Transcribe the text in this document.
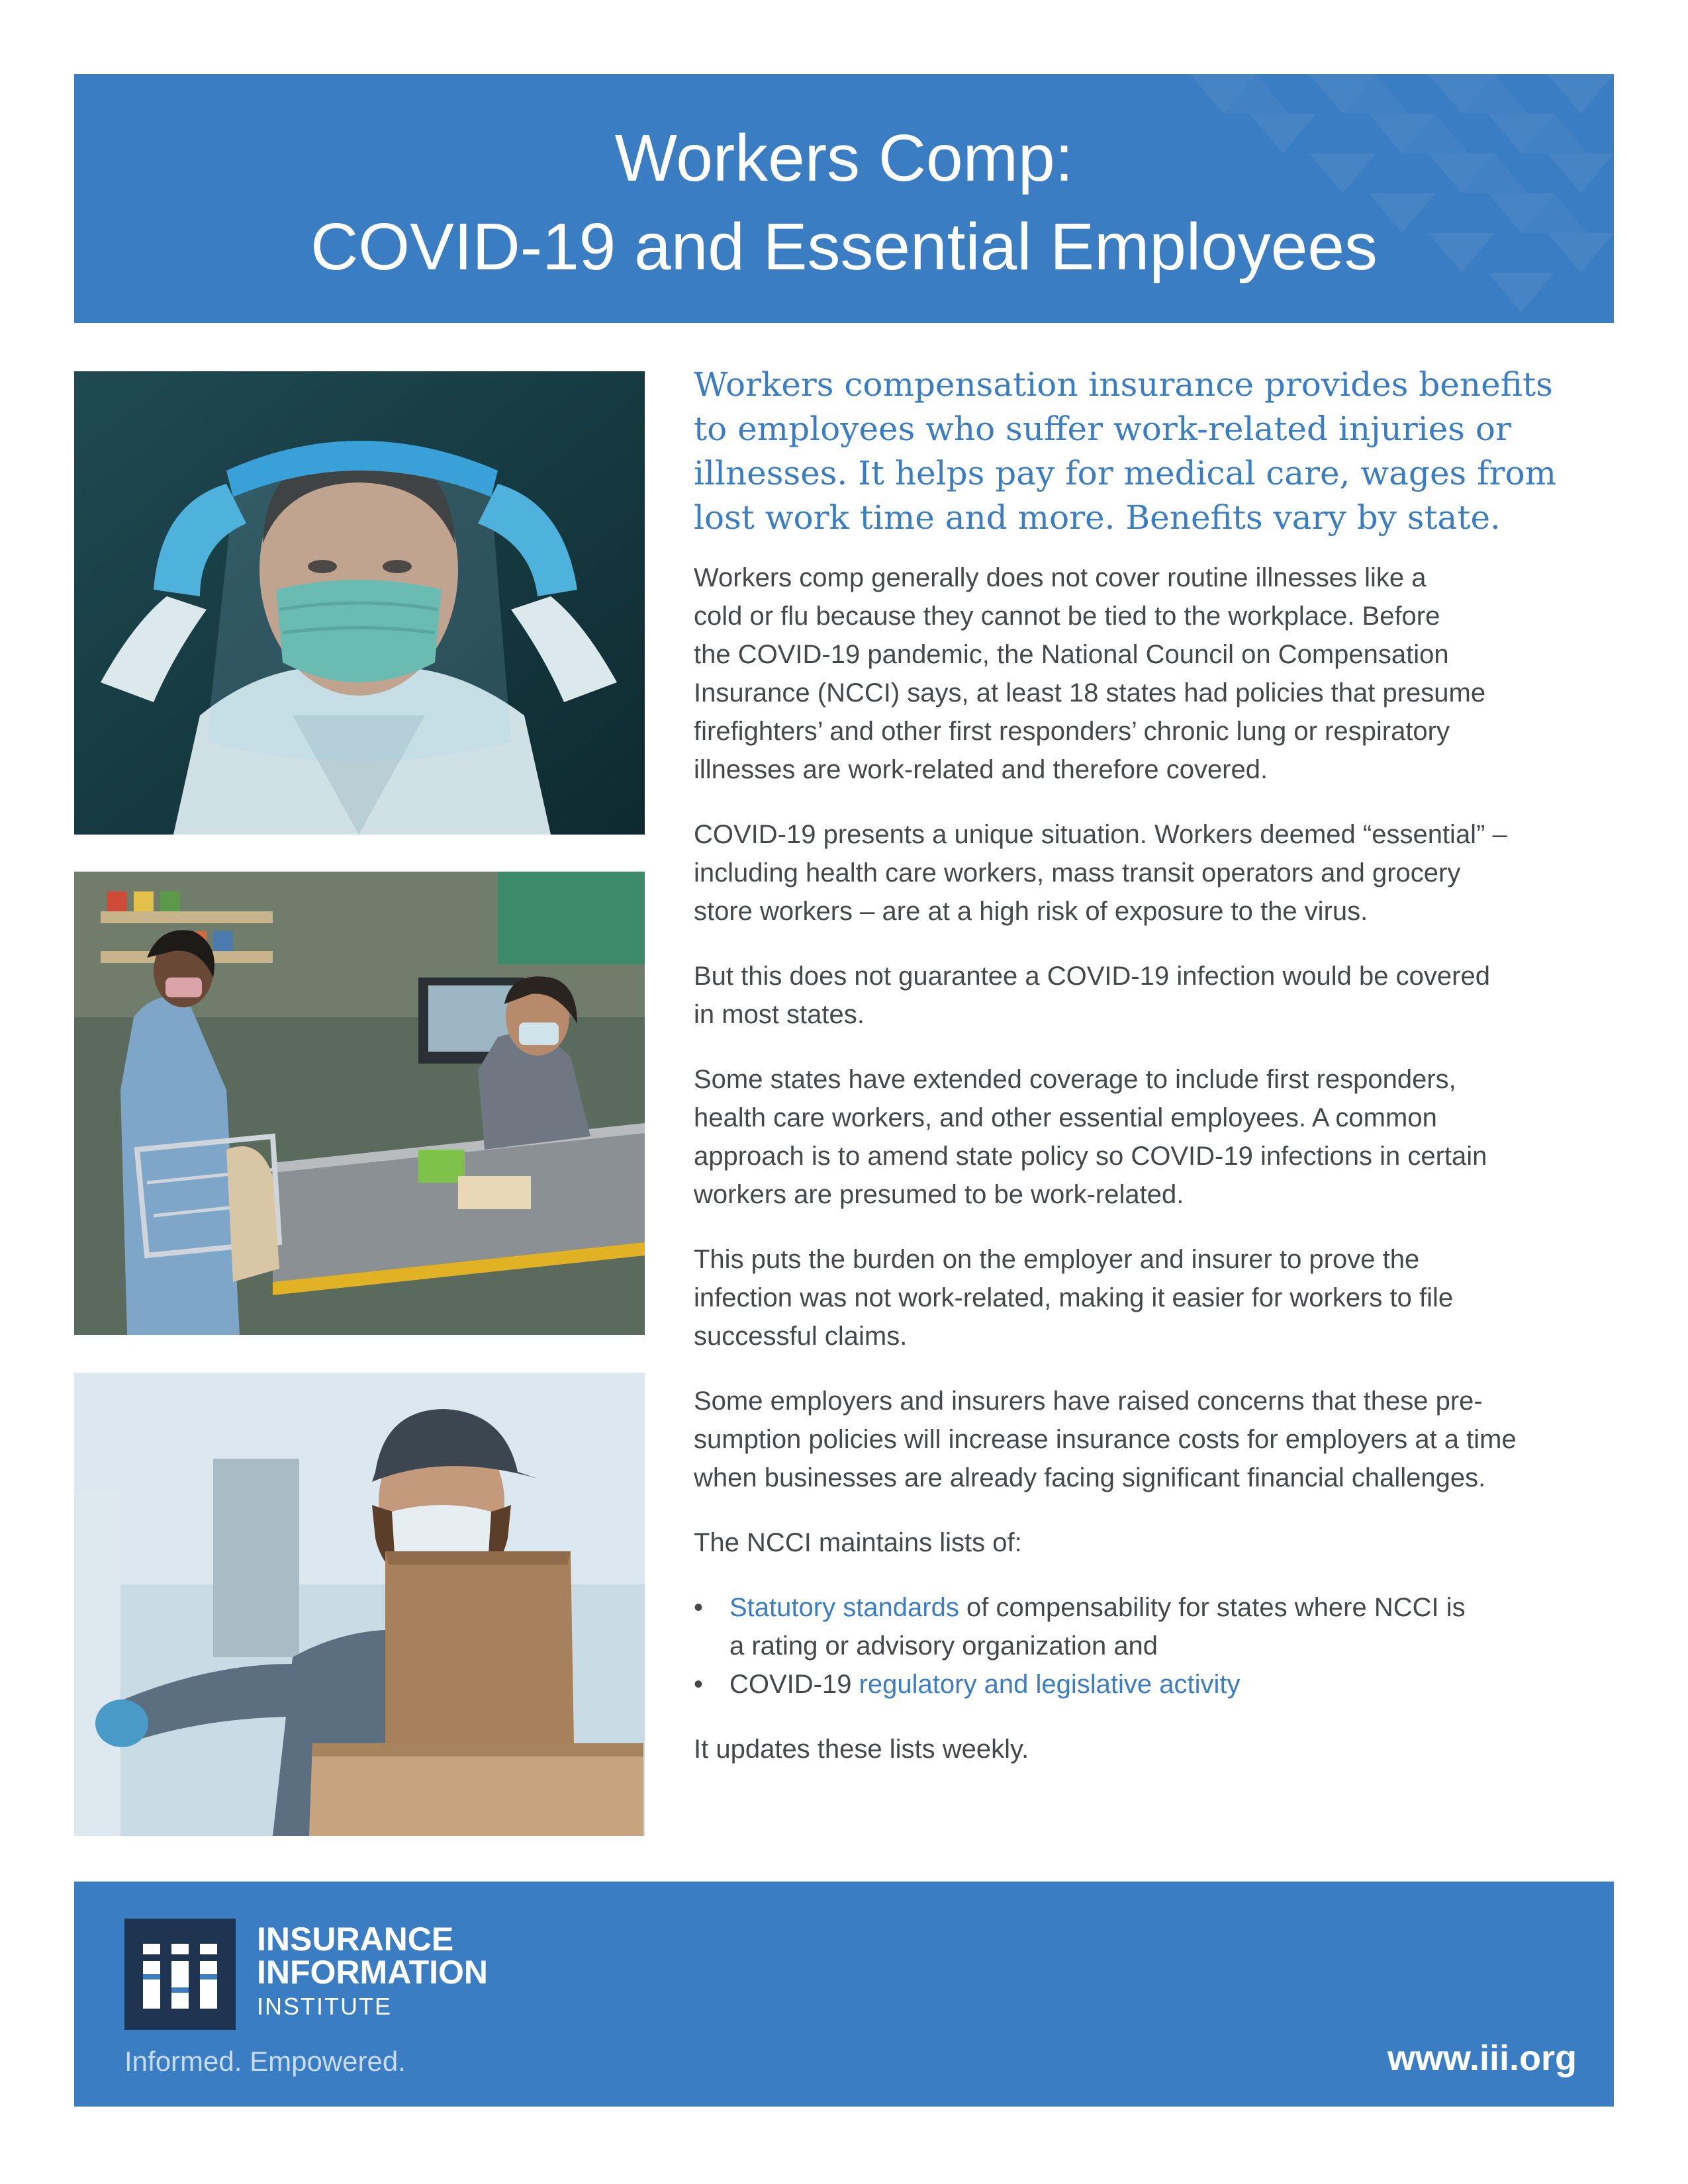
Workers Comp:
COVID-19 and Essential Employees
Workers compensation insurance provides benefits
to employees who suffer work-related injuries or
illnesses. It helps pay for medical care, wages from
lost work time and more. Benefits vary by state.
Workers comp generally does not cover routine illnesses like a
cold or flu because they cannot be tied to the workplace. Before
the COVID-19 pandemic, the National Council on Compensation
Insurance (NCCI) says, at least 18 states had policies that presume
firefighters’ and other first responders’ chronic lung or respiratory
illnesses are work-related and therefore covered.
COVID-19 presents a unique situation. Workers deemed “essential” –
including health care workers, mass transit operators and grocery
store workers – are at a high risk of exposure to the virus.
But this does not guarantee a COVID-19 infection would be covered
in most states.
Some states have extended coverage to include first responders,
health care workers, and other essential employees. A common
approach is to amend state policy so COVID-19 infections in certain
workers are presumed to be work-related.
This puts the burden on the employer and insurer to prove the
infection was not work-related, making it easier for workers to file
successful claims.
Some employers and insurers have raised concerns that these pre-
sumption policies will increase insurance costs for employers at a time
when businesses are already facing significant financial challenges.
The NCCI maintains lists of:
• Statutory standards of compensability for states where NCCI is
a rating or advisory organization and
• COVID-19 regulatory and legislative activity
It updates these lists weekly.
INSURANCE
INFORMATION
INSTITUTE
Informed. Empowered.	www.iii.org
